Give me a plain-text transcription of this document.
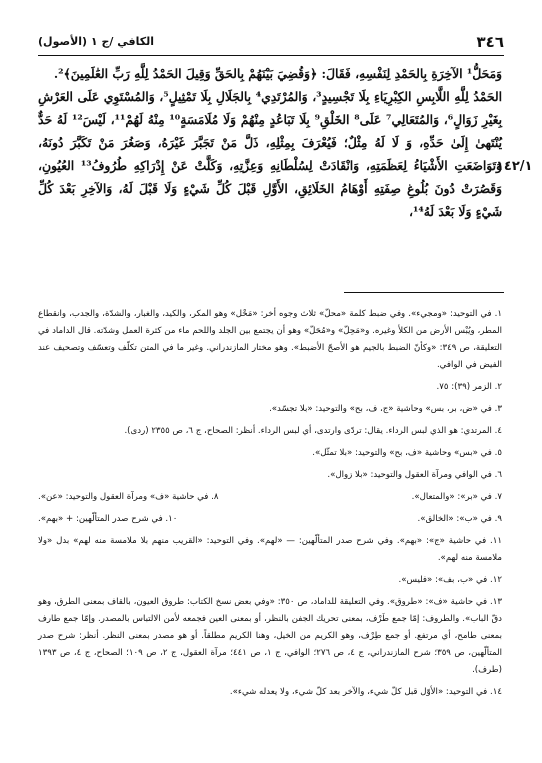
٣٤٦
الكافي /ج ١ (الأصول)

وَمَحَلُّ¹ الآخِرَةِ بِالحَمْدِ لِنَفْسِهِ، فَقَالَ: ﴿وَقُضِيَ بَيْنَهُمْ بِالحَقِّ وَقِيلَ الحَمْدُ لِلَّهِ رَبِّ العَٰلَمِينَ﴾².

الحَمْدُ لِلَّهِ اللَّابِسِ الكِبْرِيَاءِ بِلَا تَجْسِيدٍ³، وَالمُرْتَدِي⁴ بِالجَلَالِ بِلَا تَمْثِيلٍ⁵، وَالمُسْتَوِي عَلَى العَرْشِ بِغَيْرِ زَوَالٍ⁶، وَالمُتَعَالِي⁷ عَلَى⁸ الخَلْقِ⁹ بِلَا تَبَاعُدٍ مِنْهُمْ وَلَا مُلَامَسَةٍ¹⁰ مِنْهُ لَهُمْ¹¹، لَيْسَ¹² لَهُ حَدٌّ يُنْتَهىٰ إِلَىٰ حَدِّهِ، وَ لَا لَهُ مِثْلٌ؛ فَيُعْرَفَ بِمِثْلِهِ، ذَلَّ مَنْ تَجَبَّرَ غَيْرَهُ، وَصَغُرَ مَنْ تَكَبَّرَ دُونَهُ، وَتَوَاضَعَتِ الأَشْيَاءُ لِعَظَمَتِهِ، وَانْقَادَتْ لِسُلْطَانِهِ وَعِزَّتِهِ، وَكَلَّتْ عَنْ إِدْرَاكِهِ طُرُوفُ¹³ العُيُونِ، وَقَصُرَتْ دُونَ بُلُوغِ صِفَتِهِ أَوْهَامُ الخَلَائِقِ، الأَوَّلِ قَبْلَ كُلِّ شَيْءٍ وَلَا قَبْلَ لَهُ، وَالآخِرِ بَعْدَ كُلِّ شَيْءٍ وَلَا بَعْدَ لَهُ¹⁴،

١٤٢/١

١. في التوحيد: «ومجيء». وفي ضبط كلمة «محلّ» ثلاث وجوه أخر: «مَحْل» وهو المكر، والكيد، والغبار، والشدّة، والجدب، وانقطاع المطر، ويُبْس الأرض من الكلأ وغيره. و«مَحِلّ» و«مُحَلّ» وهو أن يجتمع بين الجلد واللحم ماء من كثرة العمل وشدّته. قال الداماد في التعليقة، ص ٣٤٩: «وكأنّ الضبط بالجيم هو الأصحّ الأضبط». وهو مختار المازندراني. وغير ما في المتن تكلّف وتعسّف وتصحيف عند الفيض في الوافي.

٢. الزمر (٣٩): ٧٥.

٣. في «ض، بر، بس» وحاشية «ج، ف، بح» والتوحيد: «بلا تجسّد».

٤. المرتدي: هو الذي لبس الرداء. يقال: تردّى وارتدى، أي لبس الرداء. أنظر: الصحاح، ج ٦، ص ٢٣٥٥ (ردى).

٥. في «بس» وحاشية «ف، بح» والتوحيد: «بلا تمثّل».

٦. في الوافي ومرآة العقول والتوحيد: «بلا زوال».

٧. في «بر»: «والمتعال».

٨. في حاشية «ف» ومرآة العقول والتوحيد: «عن».

٩. في «ب»: «الخالق».

١٠. في شرح صدر المتألّهين: + «بهم».

١١. في حاشية «ج»: «بهم». وفي شرح صدر المتألّهين: — «لهم». وفي التوحيد: «القريب منهم بلا ملامسة منه لهم» بدل «ولا ملامسة منه لهم».

١٢. في «ب، بف»: «فليس».

١٣. في حاشية «ف»: «طروق». وفي التعليقة للداماد، ص ٣٥٠: «وفي بعض نسخ الكتاب: طروق العيون، بالقاف بمعنى الطرق، وهو دقّ الباب». والطروف: إمّا جمع طَرْف، بمعنى تحريك الجفن بالنظر، أو بمعنى العين فجمعه لأمن الالتباس بالمصدر. وإمّا جمع طارف بمعنى طامح، أي مرتفع. أو جمع طِرْف، وهو الكريم من الخيل، وهنا الكريم مطلقاً. أو هو مصدر بمعنى النظر. أنظر: شرح صدر المتألّهين، ص ٣٥٩؛ شرح المازندراني، ج ٤، ص ٢٧٦؛ الوافي، ج ١، ص ٤٤١؛ مرآة العقول، ج ٢، ص ١٠٩؛ الصحاح، ج ٤، ص ١٣٩٣ (طرف).

١٤. في التوحيد: «الأوّل قبل كلّ شيء، والآخر بعد كلّ شيء، ولا يعدله شيء».
